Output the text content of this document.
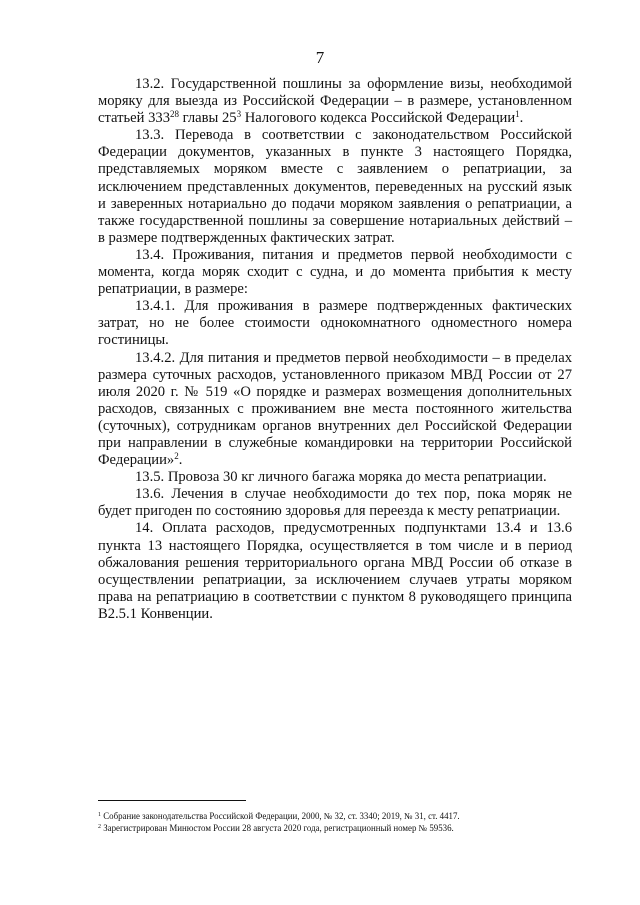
7

13.2. Государственной пошлины за оформление визы, необходимой моряку для выезда из Российской Федерации – в размере, установленном статьей $333^{28}$ главы $25^3$ Налогового кодекса Российской Федерации$^1$.

13.3. Перевода в соответствии с законодательством Российской Федерации документов, указанных в пункте 3 настоящего Порядка, представляемых моряком вместе с заявлением о репатриации, за исключением представленных документов, переведенных на русский язык и заверенных нотариально до подачи моряком заявления о репатриации, а также государственной пошлины за совершение нотариальных действий – в размере подтвержденных фактических затрат.

13.4. Проживания, питания и предметов первой необходимости с момента, когда моряк сходит с судна, и до момента прибытия к месту репатриации, в размере:

13.4.1. Для проживания в размере подтвержденных фактических затрат, но не более стоимости однокомнатного одноместного номера гостиницы.

13.4.2. Для питания и предметов первой необходимости – в пределах размера суточных расходов, установленного приказом МВД России от 27 июля 2020 г. № 519 «О порядке и размерах возмещения дополнительных расходов, связанных с проживанием вне места постоянного жительства (суточных), сотрудникам органов внутренних дел Российской Федерации при направлении в служебные командировки на территории Российской Федерации»$^2$.

13.5. Провоза 30 кг личного багажа моряка до места репатриации.

13.6. Лечения в случае необходимости до тех пор, пока моряк не будет пригоден по состоянию здоровья для переезда к месту репатриации.

14. Оплата расходов, предусмотренных подпунктами 13.4 и 13.6 пункта 13 настоящего Порядка, осуществляется в том числе и в период обжалования решения территориального органа МВД России об отказе в осуществлении репатриации, за исключением случаев утраты моряком права на репатриацию в соответствии с пунктом 8 руководящего принципа B2.5.1 Конвенции.

$^1$ Собрание законодательства Российской Федерации, 2000, № 32, ст. 3340; 2019, № 31, ст. 4417.

$^2$ Зарегистрирован Минюстом России 28 августа 2020 года, регистрационный номер № 59536.
